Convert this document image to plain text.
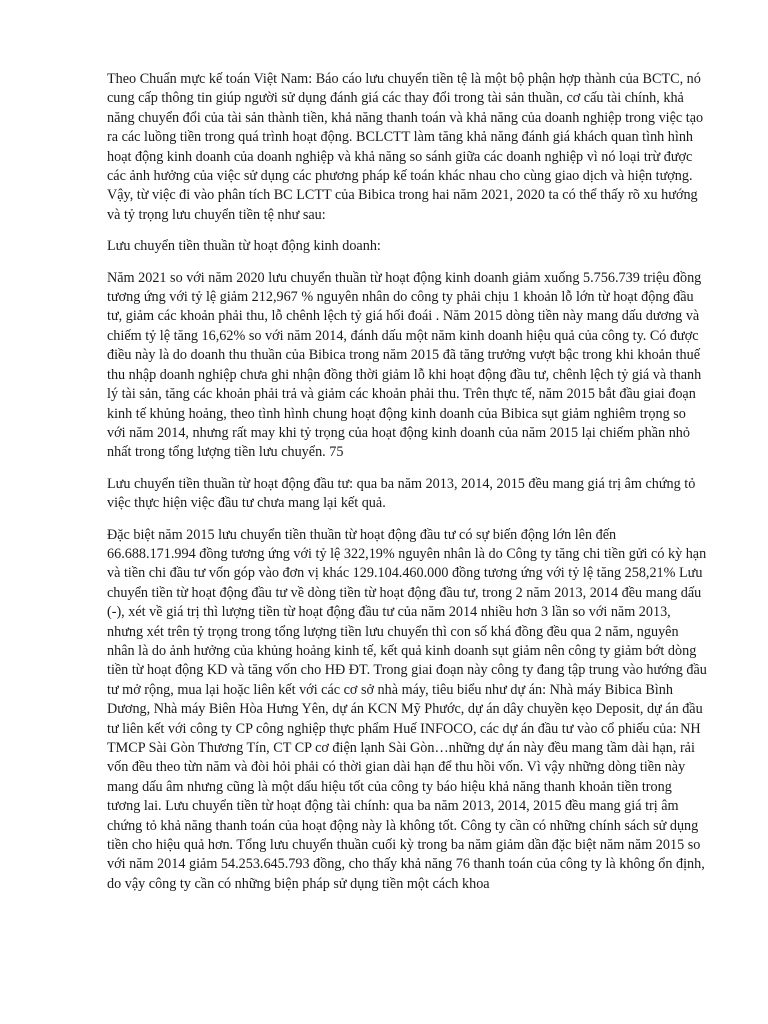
Theo Chuẩn mực kế toán Việt Nam: Báo cáo lưu chuyển tiền tệ là một bộ phận hợp thành của BCTC, nó cung cấp thông tin giúp người sử dụng đánh giá các thay đổi trong tài sản thuần, cơ cấu tài chính, khả năng chuyển đổi của tài sản thành tiền, khả năng thanh toán và khả năng của doanh nghiệp trong việc tạo ra các luồng tiền trong quá trình hoạt động. BCLCTT làm tăng khả năng đánh giá khách quan tình hình hoạt động kinh doanh của doanh nghiệp và khả năng so sánh giữa các doanh nghiệp vì nó loại trừ được các ảnh hưởng của việc sử dụng các phương pháp kế toán khác nhau cho cùng giao dịch và hiện tượng. Vậy, từ việc đi vào phân tích BC LCTT của Bibica trong hai năm 2021, 2020 ta có thể thấy rõ xu hướng và tỷ trọng lưu chuyển tiền tệ như sau:

Lưu chuyển tiền thuần từ hoạt động kinh doanh:

Năm 2021 so với năm 2020 lưu chuyển thuần từ hoạt động kinh doanh giảm xuống 5.756.739 triệu đồng tương ứng với tỷ lệ giảm 212,967 % nguyên nhân do công ty phải chịu 1 khoản lỗ lớn từ hoạt động đầu tư, giảm các khoản phải thu, lỗ chênh lệch tỷ giá hối đoái . Năm 2015 dòng tiền này mang dấu dương và chiếm tỷ lệ tăng 16,62% so với năm 2014, đánh dấu một năm kinh doanh hiệu quả của công ty. Có được điều này là do doanh thu thuần của Bibica trong năm 2015 đã tăng trưởng vượt bậc trong khi khoản thuế thu nhập doanh nghiệp chưa ghi nhận đồng thời giảm lỗ khi hoạt động đầu tư, chênh lệch tỷ giá và thanh lý tài sản, tăng các khoản phải trả và giảm các khoản phải thu. Trên thực tế, năm 2015 bắt đầu giai đoạn kinh tế khủng hoảng, theo tình hình chung hoạt động kinh doanh của Bibica sụt giảm nghiêm trọng so với năm 2014, nhưng rất may khi tỷ trọng của hoạt động kinh doanh của năm 2015 lại chiếm phần nhỏ nhất trong tổng lượng tiền lưu chuyển. 75

Lưu chuyển tiền thuần từ hoạt động đầu tư: qua ba năm 2013, 2014, 2015 đều mang giá trị âm chứng tỏ việc thực hiện việc đầu tư chưa mang lại kết quả.

Đặc biệt năm 2015 lưu chuyển tiền thuần từ hoạt động đầu tư có sự biến động lớn lên đến 66.688.171.994 đồng tương ứng với tỷ lệ 322,19% nguyên nhân là do Công ty tăng chi tiền gửi có kỳ hạn và tiền chi đầu tư vốn góp vào đơn vị khác 129.104.460.000 đồng tương ứng với tỷ lệ tăng 258,21% Lưu chuyển tiền từ hoạt động đầu tư về dòng tiền từ hoạt động đầu tư, trong 2 năm 2013, 2014 đều mang dấu (-), xét về giá trị thì lượng tiền từ hoạt động đầu tư của năm 2014 nhiều hơn 3 lần so với năm 2013, nhưng xét trên tỷ trọng trong tổng lượng tiền lưu chuyển thì con số khá đồng đều qua 2 năm, nguyên nhân là do ảnh hưởng của khủng hoảng kinh tế, kết quả kinh doanh sụt giảm nên công ty giảm bớt dòng tiền từ hoạt động KD và tăng vốn cho HĐ ĐT. Trong giai đoạn này công ty đang tập trung vào hướng đầu tư mở rộng, mua lại hoặc liên kết với các cơ sở nhà máy, tiêu biểu như dự án: Nhà máy Bibica Bình Dương, Nhà máy Biên Hòa Hưng Yên, dự án KCN Mỹ Phước, dự án dây chuyền kẹo Deposit, dự án đầu tư liên kết với công ty CP công nghiệp thực phẩm Huế INFOCO, các dự án đầu tư vào cổ phiếu của: NH TMCP Sài Gòn Thương Tín, CT CP cơ điện lạnh Sài Gòn…những dự án này đều mang tầm dài hạn, rải vốn đều theo từn năm và đòi hỏi phải có thời gian dài hạn để thu hồi vốn. Vì vậy những dòng tiền này mang dấu âm nhưng cũng là một dấu hiệu tốt của công ty báo hiệu khả năng thanh khoản tiền trong tương lai. Lưu chuyển tiền từ hoạt động tài chính: qua ba năm 2013, 2014, 2015 đều mang giá trị âm chứng tỏ khả năng thanh toán của hoạt động này là không tốt. Công ty cần có những chính sách sử dụng tiền cho hiệu quả hơn. Tổng lưu chuyển thuần cuối kỳ trong ba năm giảm dần đặc biệt năm năm 2015 so với năm 2014 giảm 54.253.645.793 đồng, cho thấy khả năng 76 thanh toán của công ty là không ổn định, do vậy công ty cần có những biện pháp sử dụng tiền một cách khoa
